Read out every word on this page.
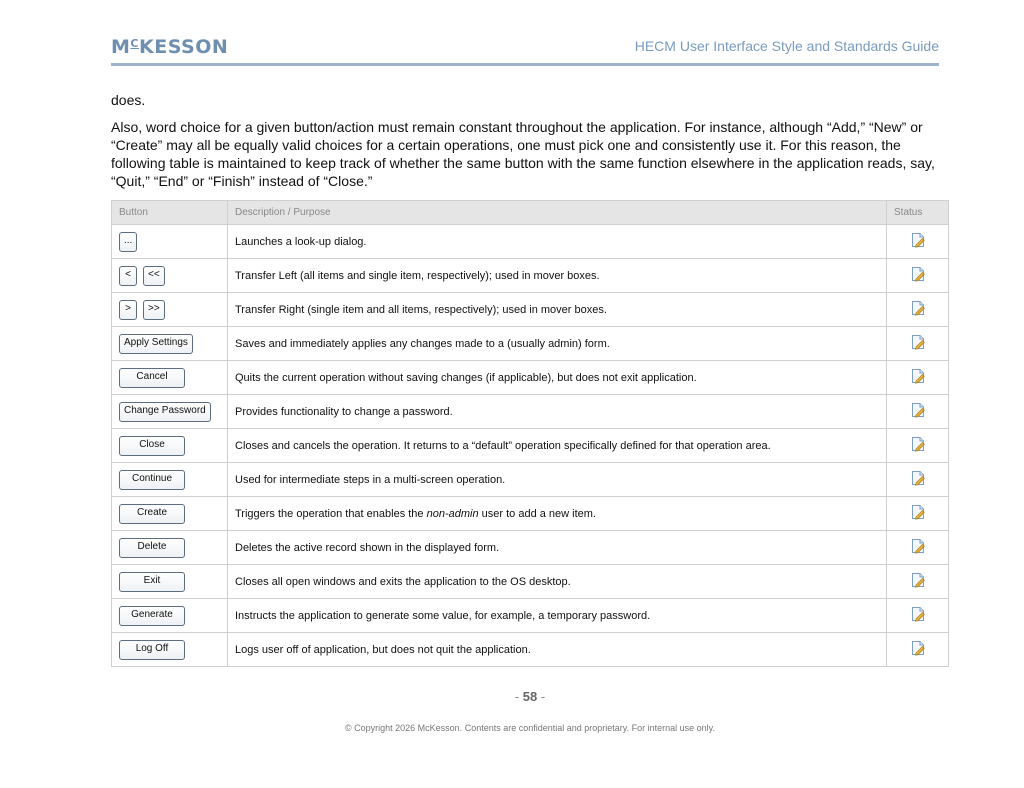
$M^CKESSON$	HECM User Interface Style and Standards Guide
does.
Also, word choice for a given button/action must remain constant throughout the application. For instance, although “Add,” “New” or “Create” may all be equally valid choices for a certain operations, one must pick one and consistently use it. For this reason, the following table is maintained to keep track of whether the same button with the same function elsewhere in the application reads, say, “Quit,” “End” or “Finish” instead of “Close.”
Button	Description / Purpose	Status
...	Launches a look-up dialog.	

< <<	Transfer Left (all items and single item, respectively); used in mover boxes.	

> >>	Transfer Right (single item and all items, respectively); used in mover boxes.	

Apply Settings	Saves and immediately applies any changes made to a (usually admin) form.	

Cancel	Quits the current operation without saving changes (if applicable), but does not exit application.	

Change Password	Provides functionality to change a password.	

Close	Closes and cancels the operation. It returns to a “default” operation specifically defined for that operation area.	

Continue	Used for intermediate steps in a multi-screen operation.	

Create	Triggers the operation that enables the non-admin user to add a new item.	

Delete	Deletes the active record shown in the displayed form.	

Exit	Closes all open windows and exits the application to the OS desktop.	

Generate	Instructs the application to generate some value, for example, a temporary password.	

Log Off	Logs user off of application, but does not quit the application.	
- 58 -
© Copyright 2026 McKesson. Contents are confidential and proprietary. For internal use only.
